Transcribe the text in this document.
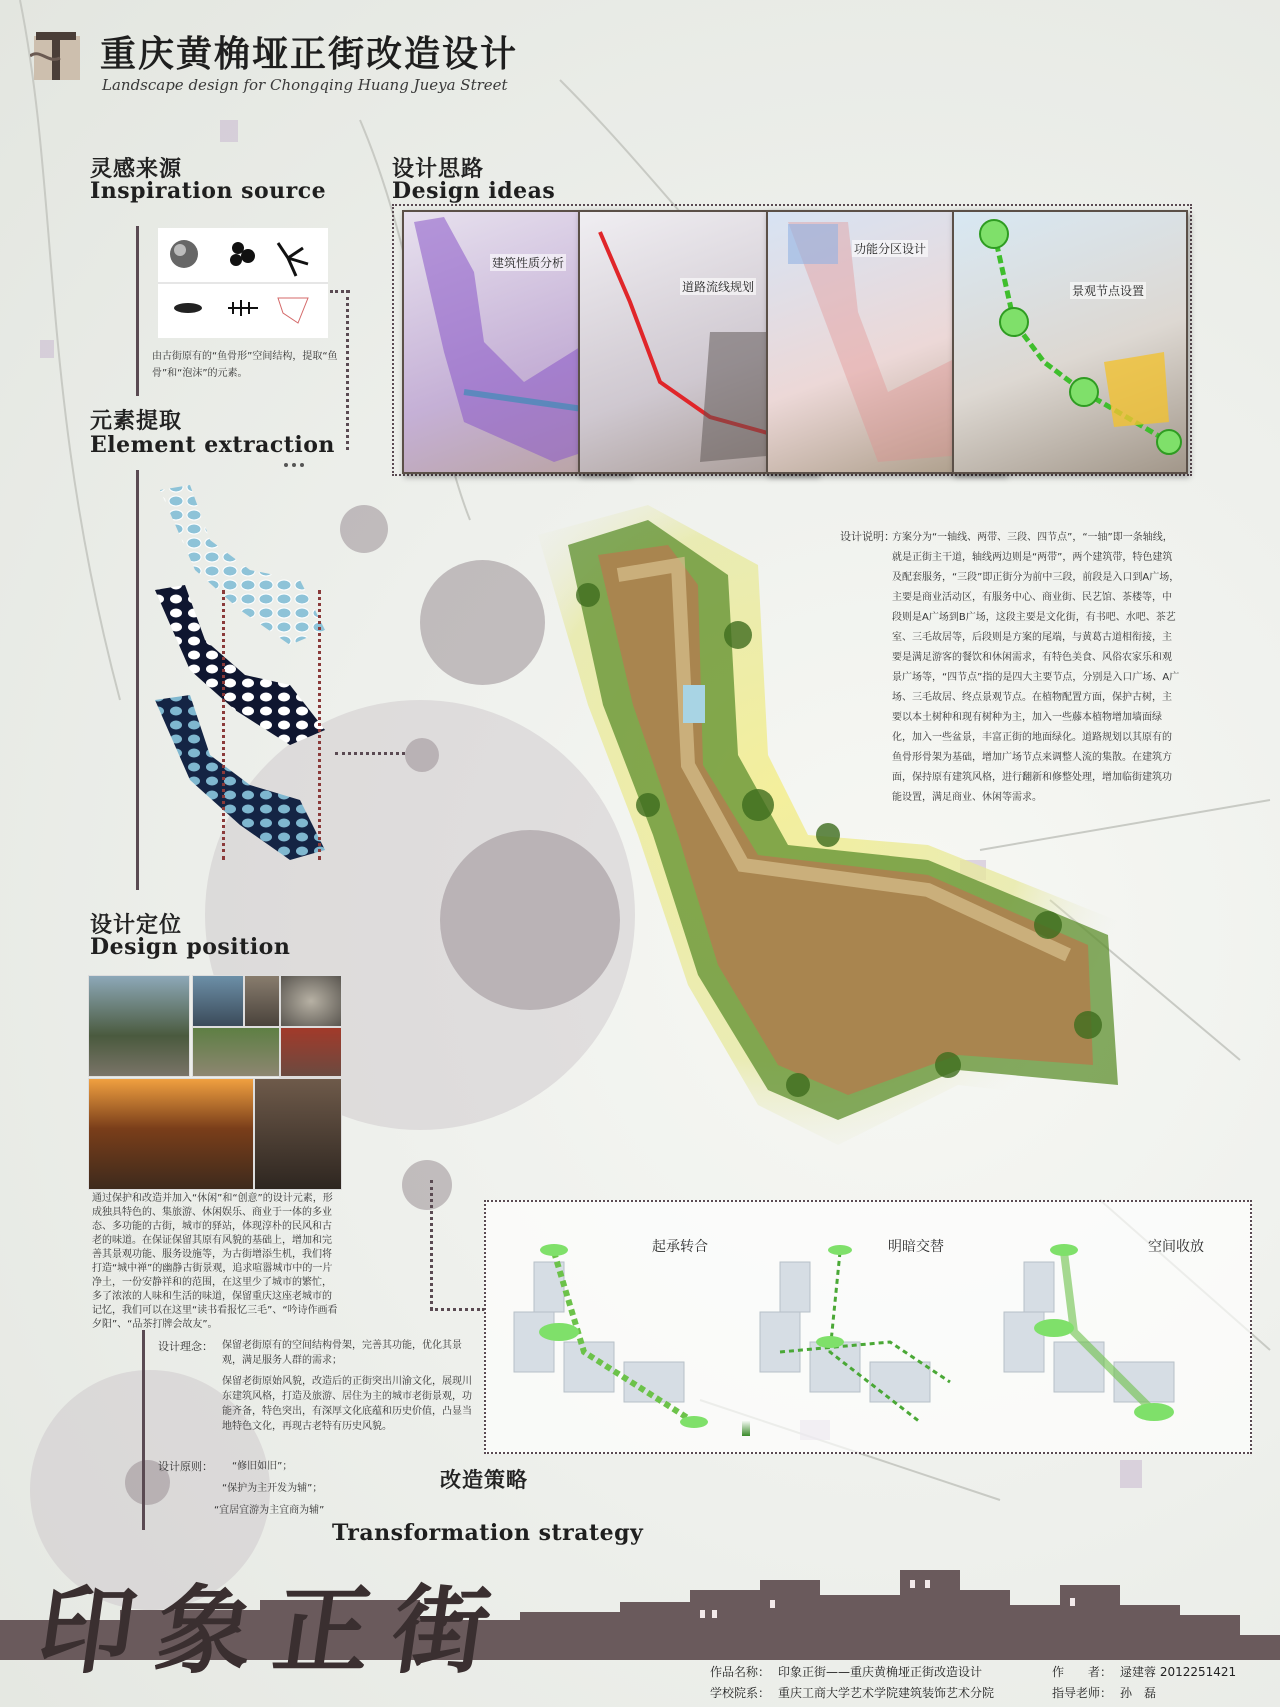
重庆黄桷垭正街改造设计
Landscape design for Chongqing Huang Jueya Street
灵感来源
Inspiration source
由古街原有的“鱼骨形”空间结构，提取“鱼骨”和“泡沫”的元素。
元素提取
Element extraction
设计思路
Design ideas
建筑性质分析
道路流线规划
功能分区设计
景观节点设置
设计说明：
方案分为“一轴线、两带、三段、四节点”，“一轴”即一条轴线，就是正街主干道，轴线两边则是“两带”，两个建筑带，特色建筑及配套服务，“三段”即正街分为前中三段，前段是入口到A广场，主要是商业活动区，有服务中心、商业街、民艺馆、茶楼等，中段则是A广场到B广场，这段主要是文化街，有书吧、水吧、茶艺室、三毛故居等，后段则是方案的尾端，与黄葛古道相衔接，主要是满足游客的餐饮和休闲需求，有特色美食、风俗农家乐和观景广场等，“四节点”指的是四大主要节点，分别是入口广场、A广场、三毛故居、终点景观节点。在植物配置方面，保护古树，主要以本土树种和现有树种为主，加入一些藤本植物增加墙面绿化，加入一些盆景，丰富正街的地面绿化。道路规划以其原有的鱼骨形骨架为基础，增加广场节点来调整人流的集散。在建筑方面，保持原有建筑风格，进行翻新和修整处理，增加临街建筑功能设置，满足商业、休闲等需求。
设计定位
Design position
通过保护和改造并加入“休闲”和“创意”的设计元素，形成独具特色的、集旅游、休闲娱乐、商业于一体的多业态、多功能的古街，城市的驿站，体现淳朴的民风和古老的味道。在保证保留其原有风貌的基础上，增加和完善其景观功能、服务设施等，为古街增添生机，我们将打造“城中禅”的幽静古街景观，追求喧嚣城市中的一片净土，一份安静祥和的范围，在这里少了城市的繁忙，多了浓浓的人味和生活的味道，保留重庆这座老城市的记忆，我们可以在这里“读书看报忆三毛”、“吟诗作画看夕阳”、“品茶打牌会故友”。
设计理念： 保留老街原有的空间结构骨架，完善其功能，优化其景观，满足服务人群的需求；
保留老街原始风貌，改造后的正街突出川渝文化，展现川东建筑风格，打造及旅游、居住为主的城市老街景观，功能齐备，特色突出，有深厚文化底蕴和历史价值，凸显当地特色文化，再现古老特有历史风貌。
设计原则： “修旧如旧”；
“保护为主开发为辅”；
“宜居宜游为主宜商为辅”
起承转合	明暗交替	空间收放
改造策略
Transformation strategy
印象正街	作品名称： 印象正街——重庆黄桷垭正街改造设计	作　　者： 逯建蓉 2012251421
学校院系： 重庆工商大学艺术学院建筑装饰艺术分院	指导老师： 孙　磊
